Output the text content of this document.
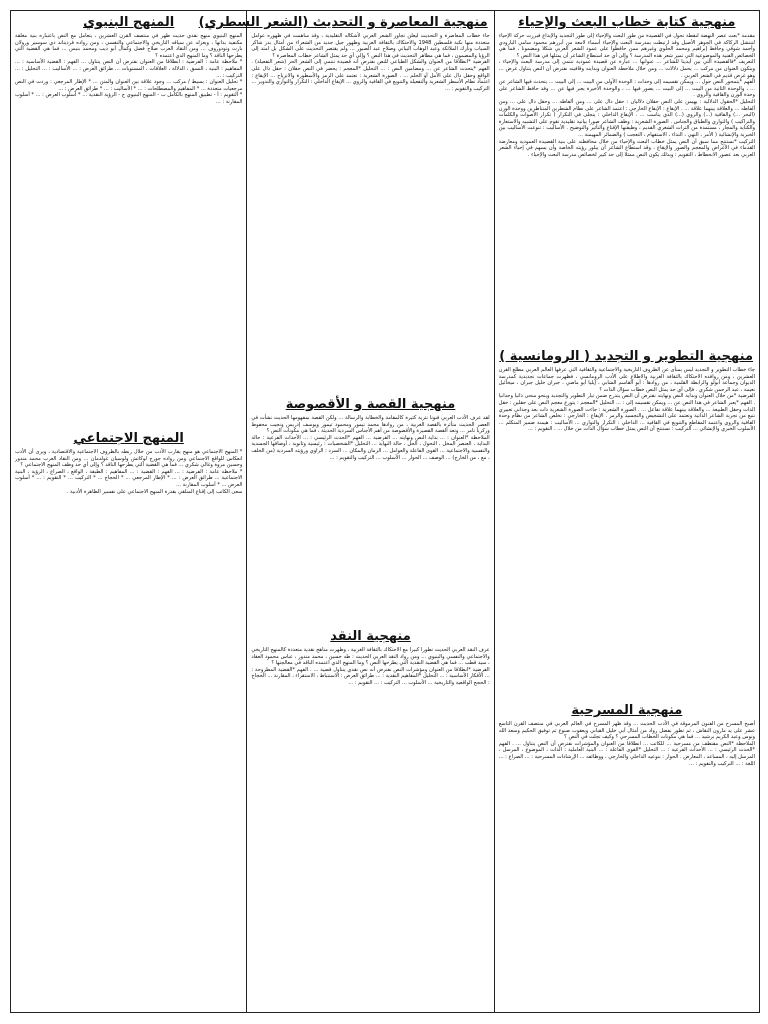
منهجية كتابة خطاب البعث والإحياء

مقدمة *بعث عصر النهضة لنقطة تحول في القصيدة من طور البعث والإحياء إلى طور التجديد والإبداع فبرزت حركة الإحياء لتنتشل الركاكة في الجوهر الأصيل وقد ارتبطت بمدرسة البعث والإحياء أسماء لامعة من أبرزهم محمود سامي البارودي وأحمد شوقي وحافظ إبراهيم ومحمد الحلوي وغيرهم ممن حافظوا على عمود الشعر العربي شكلا ومضمونا ، فما هي الخصائص الفنية والموضوعية التي تميز شعر هذه المدرسة ؟ وإلى أي حد استطاع الشاعر أن يمثلها في هذا النص ؟

التعريف *فالقصيدة التي بين أيدينا للشاعر ... عنوانها ... عبارة عن قصيدة عمودية تنتمي إلى مدرسة البعث والإحياء ، ويتكون العنوان من مركب ... يحمل دلالات ... ومن خلال ملاحظة العنوان وبدايته وقافيته نفترض أن النص يتناول غرض ... وهو غرض قديم في الشعر العربي .

الفهم *يتمحور النص حول ... ويمكن تقسيمه إلى وحدات : الوحدة الأولى من البيت ... إلى البيت ... يتحدث فيها الشاعر عن ... ، والوحدة الثانية من البيت ... إلى البيت ... يصور فيها ... ، والوحدة الأخيرة يعبر فيها عن ... وقد حافظ الشاعر على وحدة الوزن والقافية والروي .

التحليل *الحقول الدلالية : يهيمن على النص حقلان دلاليان : حقل دال على ... ومن ألفاظه ... وحقل دال على ... ومن ألفاظه ... والعلاقة بينهما علاقة ... . الإيقاع : الإيقاع الخارجي : اعتمد الشاعر على نظام الشطرين المتناظرين ووحدة الوزن (البحر ...) والقافية (...) والروي (...) الذي يناسب ... . الإيقاع الداخلي : يتجلى في التكرار ( تكرار الأصوات والكلمات والتراكيب ) والتوازي والطباق والجناس . الصورة الشعرية : وظف الشاعر صورا بيانية تقليدية تقوم على التشبيه والاستعارة والكناية والمجاز ، مستمدة من التراث الشعري القديم ، وظيفتها الإقناع والتأثير والتوضيح . الأساليب : تنوعت الأساليب بين الخبرية والإنشائية ( الأمر ، النهي ، النداء ، الاستفهام ، التعجب ) والضمائر المهيمنة ...

التركيب *نستنتج مما سبق أن النص يمثل خطاب البعث والإحياء من خلال محافظته على بنية القصيدة العمودية ومعارضة القدماء في الأغراض والمعجم والصور والإيقاع ، وقد استطاع الشاعر أن يبلور رؤيته الخاصة وأن يسهم في إحياء الشعر العربي بعد عصور الانحطاط ، التقويم : وبذلك يكون النص ممثلا إلى حد كبير لخصائص مدرسة البعث والإحياء .

منهجية التطوير و التجديد ( الرومانسية )

جاء خطاب التطوير و التجديد ليس بمنأى عن الظروف التاريخية والاجتماعية والثقافية التي عرفها العالم العربي مطلع القرن العشرين ، ومن روافده الاحتكاك بالثقافة الغربية والاطلاع على الأدب الرومانسي ، فظهرت جماعات تجديدية كمدرسة الديوان وجماعة أبولو والرابطة القلمية ، من روادها : أبو القاسم الشابي ، إيليا أبو ماضي ، جبران خليل جبران ، ميخائيل نعيمة ، عبد الرحمن شكري . فإلى أي حد يمثل النص خطاب سؤال الذات ؟

الفرضية *من خلال العنوان وبداية النص ونهايته نفترض أن النص يندرج ضمن تيار التطوير والتجديد وينحو منحى ذاتيا وجدانيا . الفهم *يعبر الشاعر في هذا النص عن ... ويمكن تقسيمه إلى : ... التحليل *المعجم : يتوزع معجم النص على حقلين : حقل الذات وحقل الطبيعة ... والعلاقة بينهما علاقة تفاعل ... . الصورة الشعرية : جاءت الصورة الشعرية ذات بعد وجداني تعبيري تنبع من تجربة الشاعر الذاتية وتعتمد على التشخيص والتجسيد والرمز . الإيقاع : الخارجي : تخلص الشاعر من نظام وحدة القافية والروي واعتمد المقاطع والتنويع في القافية ... الداخلي : التكرار والتوازي ... الأساليب : هيمنة ضمير المتكلم ... الأسلوب الخبري والإنشائي ... التركيب : نستنتج أن النص يمثل خطاب سؤال الذات من خلال ... . التقويم : ...

منهجية المسرحية

أصبح المسرح من الفنون المرموقة في الأدب الحديث ... وقد ظهر المسرح في العالم العربي في منتصف القرن التاسع عشر على يد مارون النقاش ، ثم تطور بفضل رواد من أمثال أبي خليل القباني ويعقوب صنوع ثم توفيق الحكيم وسعد الله ونوس وعبد الكريم برشيد ... فما هي مكونات الخطاب المسرحي ؟ وكيف تجلت في النص ؟

الملاحظة *النص مقتطف من مسرحية ... للكاتب ... انطلاقا من العنوان والمؤشرات نفترض أن النص يتناول ... . الفهم *الحدث الرئيسي : ... الأحداث الفرعية : ... التحليل *القوى الفاعلة : ... البنية العاملية : الذات ، الموضوع ، المرسل ، المرسل إليه ، المساعد ، المعارض . الحوار : بنوعيه الداخلي والخارجي ، ووظائفه ... الإرشادات المسرحية : ... الصراع : ... اللغة : ... التركيب والتقويم : ...

منهجية المعاصرة و التحديث (الشعر السطري)

جاء خطاب المعاصرة و التحديث ليعلن تجاوز الشعر العربي لأشكاله التقليدية ، وقد ساهمت في ظهوره عوامل متعددة منها نكبة فلسطين 1948 والاحتكاك بالثقافة الغربية وظهور جيل جديد من الشعراء من أمثال بدر شاكر السياب ونازك الملائكة وعبد الوهاب البياتي وصلاح عبد الصبور ... ولم يقتصر التحديث على الشكل بل امتد إلى الرؤيا والمضمون ، فما هي مظاهر التحديث في هذا النص ؟ وإلى أي حد يمثل الشاعر خطاب المعاصرة ؟

الفرضية *انطلاقا من العنوان والشكل الطباعي للنص نفترض أنه قصيدة تنتمي إلى الشعر الحر (شعر التفعيلة) . الفهم *يتحدث الشاعر عن ... ومضامين النص : ... التحليل *المعجم : يحضر في النص حقلان : حقل دال على الواقع وحقل دال على الأمل أو الحلم ... . الصورة الشعرية : تعتمد على الرمز والأسطورة والانزياح ... الإيقاع : اعتماد نظام الأسطر الشعرية والتفعيلة والتنويع في القافية والروي ... الإيقاع الداخلي : التكرار والتوازي والتدوير ... التركيب والتقويم : ...

منهجية القصة و الأقصوصة

لقد عرف الأدب العربي فنونا نثرية كثيرة كالمقامة والخطابة والرسالة ... ولكن القصة بمفهومها الحديث نشأت في العصر الحديث متأثرة بالقصة الغربية ، من روادها محمد تيمور ومحمود تيمور ويوسف إدريس ونجيب محفوظ وزكريا تامر ... وتعد القصة القصيرة والأقصوصة من أهم الأجناس السردية الحديثة ، فما هي مكونات النص ؟

الملاحظة *العنوان : ... بداية النص ونهايته ... الفرضية ... الفهم *الحدث الرئيسي : ... الأحداث الفرعية : حالة البداية ، العنصر المخل ، التحول ، الحل ، حالة النهاية ... التحليل *الشخصيات : رئيسية وثانوية ، أوصافها الجسدية والنفسية والاجتماعية ... القوى الفاعلة والعوامل ... الزمان والمكان ... السرد : الراوي ورؤيته السردية (من الخلف ، مع ، من الخارج) ... الوصف ... الحوار ... الأسلوب ... التركيب والتقويم : ...

منهجية النقد

عرف النقد العربي الحديث تطورا كبيرا مع الاحتكاك بالثقافة الغربية ، وظهرت مناهج نقدية متعددة كالمنهج التاريخي والاجتماعي والنفسي والبنيوي ... ومن رواد النقد العربي الحديث : طه حسين ، محمد مندور ، عباس محمود العقاد ، سيد قطب ... فما هي القضية النقدية التي يطرحها النص ؟ وما المنهج الذي اعتمده الناقد في معالجتها ؟

الفرضية *انطلاقا من العنوان ومؤشرات النص نفترض أنه نص نقدي يتناول قضية ... . الفهم *القضية المطروحة : ... الأفكار الأساسية : ... التحليل *المفاهيم النقدية : ... طرائق العرض : الاستنباط ، الاستقراء ، المقارنة ... الحجاج : الحجج الواقعية والتاريخية ... الأسلوب ... التركيب : ... التقويم : ...

المنهج البنيوي

المنهج البنيوي منهج نقدي حديث ظهر في منتصف القرن العشرين ، يتعامل مع النص باعتباره بنية مغلقة مكتفية بذاتها ، ويعزله عن سياقه التاريخي والاجتماعي والنفسي ، ومن رواده فرديناند دي سوسير ورولان بارت وتودوروف ... ومن النقاد العرب صلاح فضل وكمال أبو ديب ومحمد بنيس ... فما هي القضية التي يطرحها الناقد ؟ وما المنهج الذي اعتمده ؟

* ملاحظة عامة : الفرضية : انطلاقا من العنوان نفترض أن النص يتناول ... الفهم : القضية الأساسية : ... المفاهيم : البنية ، النسق ، الدلالة ، العلاقات ، المستويات ... طرائق العرض : ... الأساليب : ... التحليل : ... التركيب : ...

* تحليل العنوان : بسيط / مركب ... وجود علاقة بين العنوان والمتن ... * الإطار المرجعي : وردت في النص مرجعيات متعددة ... * المفاهيم والمصطلحات : ... * الأساليب : ... * طرائق العرض : ...

* التقويم : أ - تطبيق المنهج بالكامل ب - المنهج البنيوي ج - الرؤية النقدية ... * أسلوب العرض : ... * أسلوب المقارنة : ...

المنهج الاجتماعي

* المنهج الاجتماعي هو منهج يقارب الأدب من خلال ربطه بالظروف الاجتماعية والاقتصادية ، ويرى أن الأدب انعكاس للواقع الاجتماعي ومن رواده جورج لوكاتش ولوسيان غولدمان ... ومن النقاد العرب محمد مندور وحسين مروة وغالي شكري ... فما هي القضية التي يطرحها الناقد ؟ وإلى أي حد وظف المنهج الاجتماعي ؟

* ملاحظة عامة : الفرضية : ... الفهم : القضية : ... المفاهيم : الطبقة ، الواقع ، الصراع ، الرؤية ، البنية الاجتماعية ... طرائق العرض : ... * الإطار المرجعي ... * الحجاج ... * التركيب ... * التقويم : ... * أسلوب العرض ... * أسلوب المقارنة ...

سعى الكاتب إلى إقناع المتلقي بقدرة المنهج الاجتماعي على تفسير الظاهرة الأدبية .
